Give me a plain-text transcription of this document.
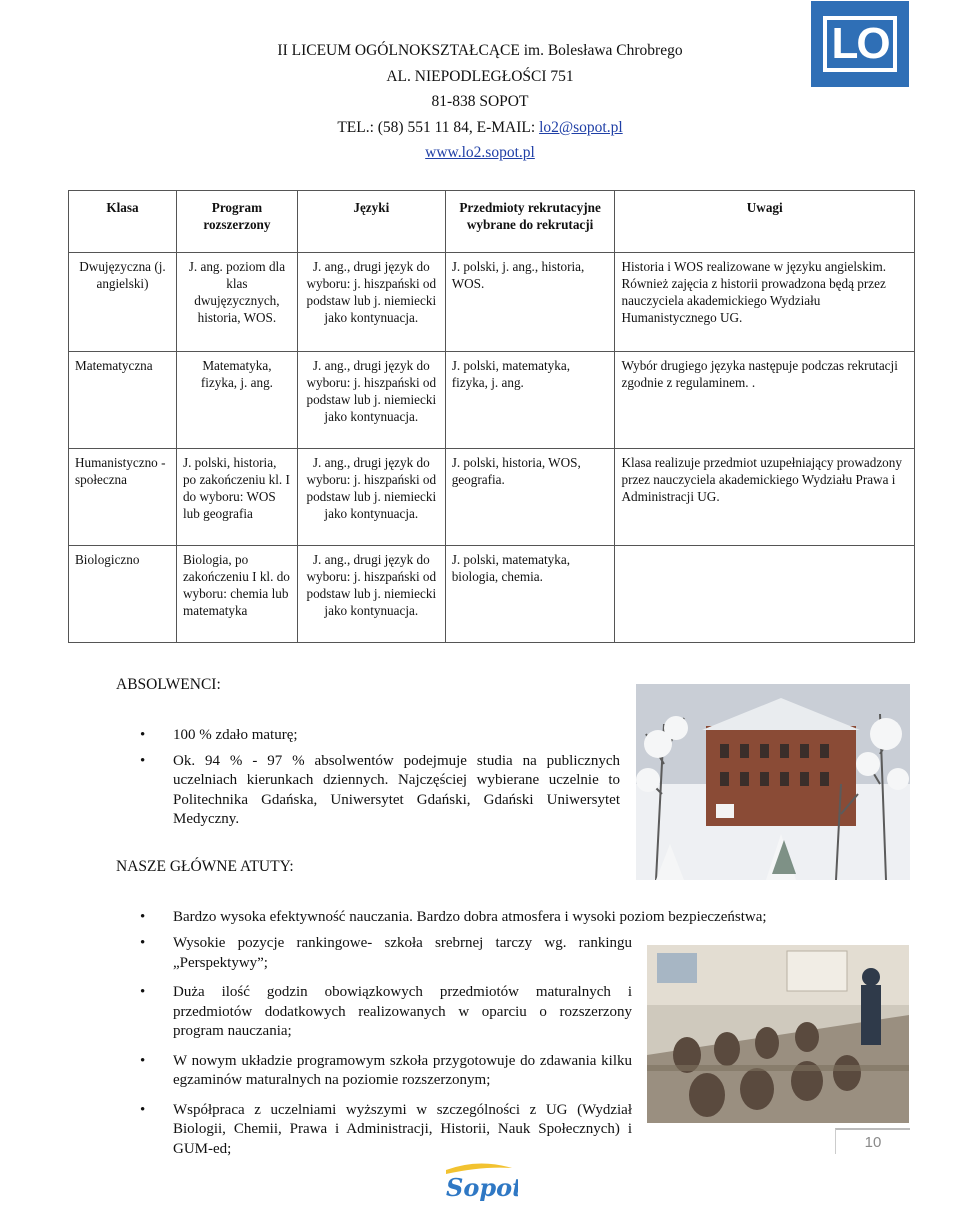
II LICEUM OGÓLNOKSZTAŁCĄCE im. Bolesława Chrobrego
AL. NIEPODLEGŁOŚCI 751
81-838 SOPOT
TEL.: (58) 551 11 84, E-MAIL: lo2@sopot.pl
www.lo2.sopot.pl
LO
Klasa	Program rozszerzony	Języki	Przedmioty rekrutacyjne wybrane do rekrutacji	Uwagi
Dwujęzyczna (j. angielski)	J. ang. poziom dla klas dwujęzycznych, historia, WOS.	J. ang., drugi język do wyboru: j. hiszpański od podstaw lub j. niemiecki jako kontynuacja.	J. polski, j. ang., historia, WOS.	Historia i WOS realizowane w języku angielskim. Również zajęcia z historii prowadzona będą przez nauczyciela akademickiego Wydziału Humanistycznego UG.
Matematyczna	Matematyka, fizyka, j. ang.	J. ang., drugi język do wyboru: j. hiszpański od podstaw lub j. niemiecki jako kontynuacja.	J. polski, matematyka, fizyka, j. ang.	Wybór drugiego języka następuje podczas rekrutacji zgodnie z regulaminem. .
Humanistyczno - społeczna	J. polski, historia, po zakończeniu kl. I do wyboru: WOS lub geografia	J. ang., drugi język do wyboru: j. hiszpański od podstaw lub j. niemiecki jako kontynuacja.	J. polski, historia, WOS, geografia.	Klasa realizuje przedmiot uzupełniający prowadzony przez nauczyciela akademickiego Wydziału Prawa i Administracji UG.
Biologiczno	Biologia, po zakończeniu I kl. do wyboru: chemia lub matematyka	J. ang., drugi język do wyboru: j. hiszpański od podstaw lub j. niemiecki jako kontynuacja.	J. polski, matematyka, biologia, chemia.	
ABSOLWENCI:
• 100 % zdało maturę;
• Ok. 94 % - 97 % absolwentów podejmuje studia na publicznych uczelniach kierunkach dziennych. Najczęściej wybierane uczelnie to Politechnika Gdańska, Uniwersytet Gdański, Gdański Uniwersytet Medyczny.
NASZE GŁÓWNE ATUTY:
• Bardzo wysoka efektywność nauczania. Bardzo dobra atmosfera i wysoki poziom bezpieczeństwa;
• Wysokie pozycje rankingowe- szkoła srebrnej tarczy wg. rankingu „Perspektywy”;
• Duża ilość godzin obowiązkowych przedmiotów maturalnych i przedmiotów dodatkowych realizowanych w oparciu o rozszerzony program nauczania;
• W nowym układzie programowym szkoła przygotowuje do zdawania kilku egzaminów maturalnych na poziomie rozszerzonym;
• Współpraca z uczelniami wyższymi w szczególności z UG (Wydział Biologii, Chemii, Prawa i Administracji, Historii, Nauk Społecznych) i GUM-ed;	10
Sopot
